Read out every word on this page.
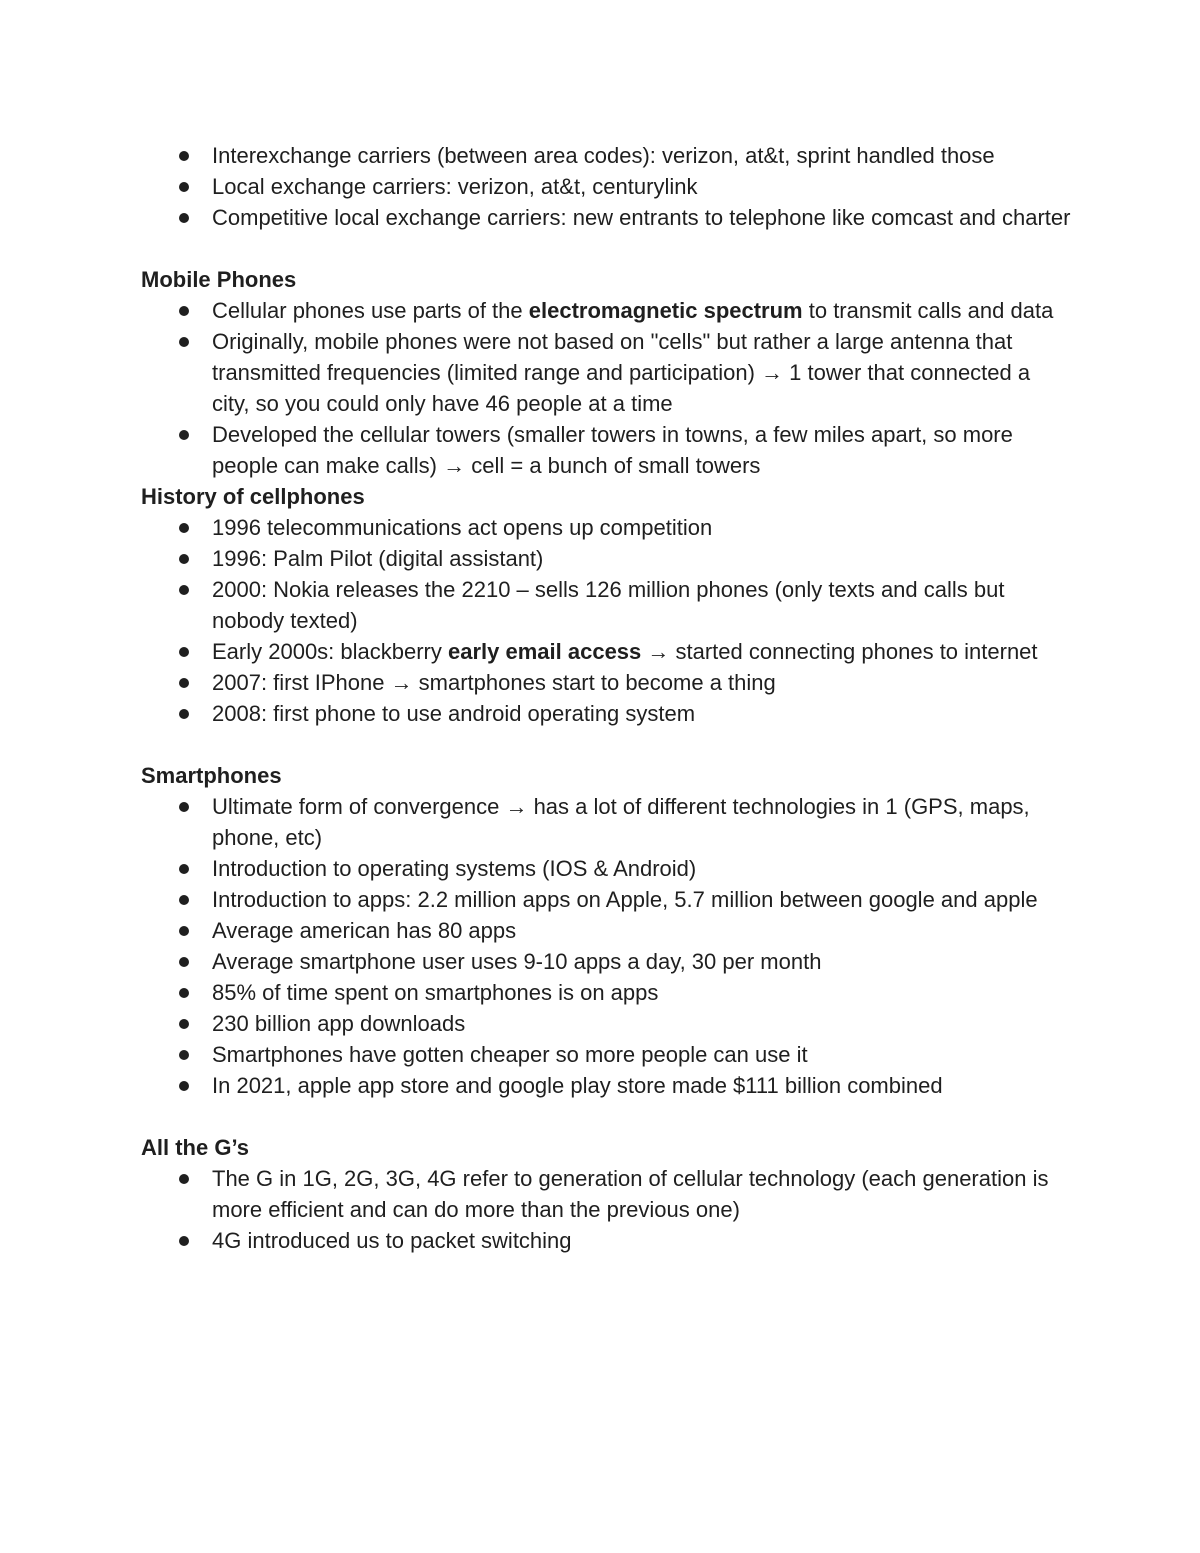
Interexchange carriers (between area codes): verizon, at&t, sprint handled those
Local exchange carriers: verizon, at&t, centurylink
Competitive local exchange carriers: new entrants to telephone like comcast and charter
Mobile Phones
Cellular phones use parts of the electromagnetic spectrum to transmit calls and data
Originally, mobile phones were not based on "cells" but rather a large antenna that transmitted frequencies (limited range and participation) → 1 tower that connected a city, so you could only have 46 people at a time
Developed the cellular towers (smaller towers in towns, a few miles apart, so more people can make calls) → cell = a bunch of small towers
History of cellphones
1996 telecommunications act opens up competition
1996: Palm Pilot (digital assistant)
2000: Nokia releases the 2210 – sells 126 million phones (only texts and calls but nobody texted)
Early 2000s: blackberry early email access → started connecting phones to internet
2007: first IPhone → smartphones start to become a thing
2008: first phone to use android operating system
Smartphones
Ultimate form of convergence → has a lot of different technologies in 1 (GPS, maps, phone, etc)
Introduction to operating systems (IOS & Android)
Introduction to apps: 2.2 million apps on Apple, 5.7 million between google and apple
Average american has 80 apps
Average smartphone user uses 9-10 apps a day, 30 per month
85% of time spent on smartphones is on apps
230 billion app downloads
Smartphones have gotten cheaper so more people can use it
In 2021, apple app store and google play store made $111 billion combined
All the G’s
The G in 1G, 2G, 3G, 4G refer to generation of cellular technology (each generation is more efficient and can do more than the previous one)
4G introduced us to packet switching
